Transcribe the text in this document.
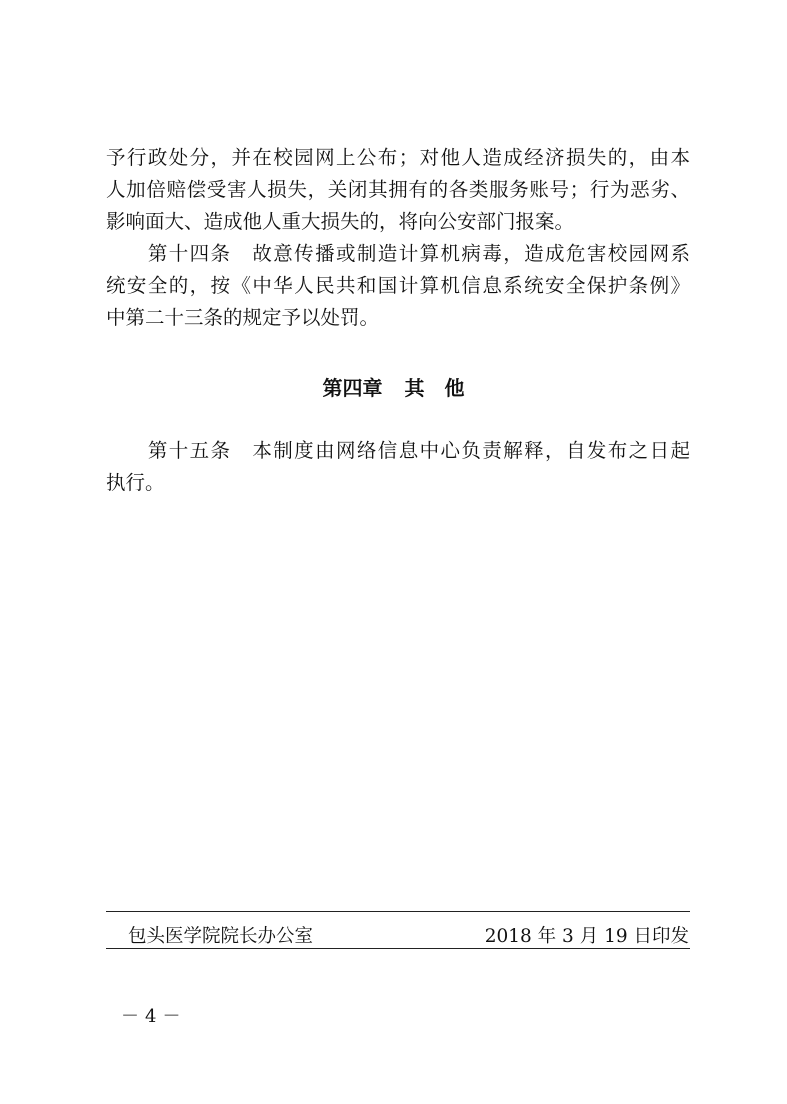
予行政处分，并在校园网上公布；对他人造成经济损失的，由本
人加倍赔偿受害人损失，关闭其拥有的各类服务账号；行为恶劣、
影响面大、造成他人重大损失的，将向公安部门报案。
　　第十四条　故意传播或制造计算机病毒，造成危害校园网系
统安全的，按《中华人民共和国计算机信息系统安全保护条例》
中第二十三条的规定予以处罚。
第四章 其　他
　　第十五条　本制度由网络信息中心负责解释，自发布之日起
执行。
包头医学院院长办公室	2018 年 3 月 19 日印发
－4－
